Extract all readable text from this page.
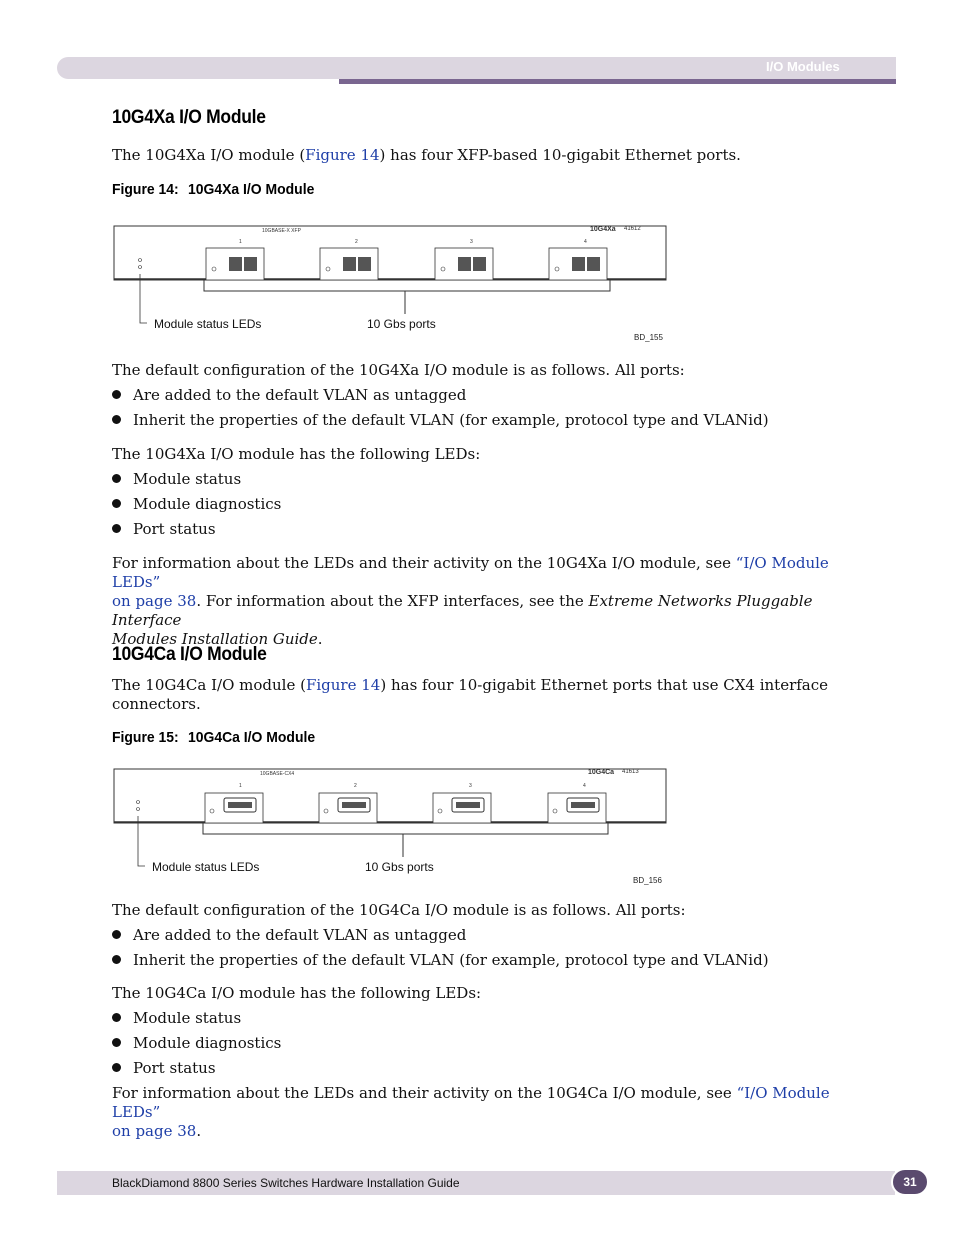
I/O Modules
10G4Xa I/O Module

The 10G4Xa I/O module (Figure 14) has four XFP-based 10-gigabit Ethernet ports.

Figure 14: 10G4Xa I/O Module
10GBASE-X XFP
1	2	3	4
10G4Xa 41612
Module status LEDs	10 Gbs ports
BD_155

The default configuration of the 10G4Xa I/O module is as follows. All ports:

Are added to the default VLAN as untagged
Inherit the properties of the default VLAN (for example, protocol type and VLANid)

The 10G4Xa I/O module has the following LEDs:

Module status
Module diagnostics
Port status

For information about the LEDs and their activity on the 10G4Xa I/O module, see “I/O Module LEDs”
on page 38. For information about the XFP interfaces, see the Extreme Networks Pluggable Interface
Modules Installation Guide.

10G4Ca I/O Module

The 10G4Ca I/O module (Figure 14) has four 10-gigabit Ethernet ports that use CX4 interface
connectors.

Figure 15: 10G4Ca I/O Module
10GBASE-CX4
1	2	3	4
10G4Ca 41613
Module status LEDs	10 Gbs ports
BD_156

The default configuration of the 10G4Ca I/O module is as follows. All ports:

Are added to the default VLAN as untagged
Inherit the properties of the default VLAN (for example, protocol type and VLANid)

The 10G4Ca I/O module has the following LEDs:

Module status
Module diagnostics
Port status

For information about the LEDs and their activity on the 10G4Ca I/O module, see “I/O Module LEDs”
on page 38.

BlackDiamond 8800 Series Switches Hardware Installation Guide	31
